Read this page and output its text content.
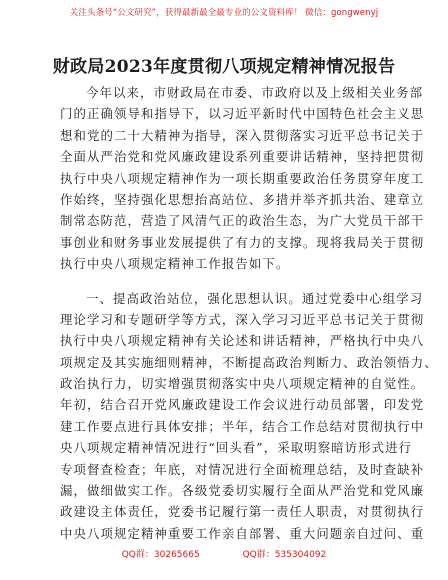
关注头条号“公文研究”，获得最新最全最专业的公文资料库！ 微信：gongwenyj
财政局2023年度贯彻八项规定精神情况报告
今年以来，市财政局在市委、市政府以及上级相关业务部
门的正确领导和指导下，以习近平新时代中国特色社会主义思
想和党的二十大精神为指导，深入贯彻落实习近平总书记关于
全面从严治党和党风廉政建设系列重要讲话精神，坚持把贯彻
执行中央八项规定精神作为一项长期重要政治任务贯穿年度工
作始终，坚持强化思想抬高站位、多措并举齐抓共治、建章立
制常态防范，营造了风清气正的政治生态，为广大党员干部干
事创业和财务事业发展提供了有力的支撑。现将我局关于贯彻
执行中央八项规定精神工作报告如下。
一、提高政治站位，强化思想认识。通过党委中心组学习
理论学习和专题研学等方式，深入学习习近平总书记关于贯彻
执行中央八项规定精神有关论述和讲话精神，严格执行中央八
项规定及其实施细则精神，不断提高政治判断力、政治领悟力、
政治执行力，切实增强贯彻落实中央八项规定精神的自觉性。
年初，结合召开党风廉政建设工作会议进行动员部署，印发党
建工作要点进行具体安排；半年，结合工作总结对贯彻执行中
央八项规定精神情况进行“回头看”，采取明察暗访形式进行
专项督查检查；年底，对情况进行全面梳理总结，及时查缺补
漏，做细做实工作。各级党委切实履行全面从严治党和党风廉
政建设主体责任，党委书记履行第一责任人职责，对贯彻执行
中央八项规定精神重要工作亲自部署、重大问题亲自过问、重
QQ群：30265665	QQ群：535304092
